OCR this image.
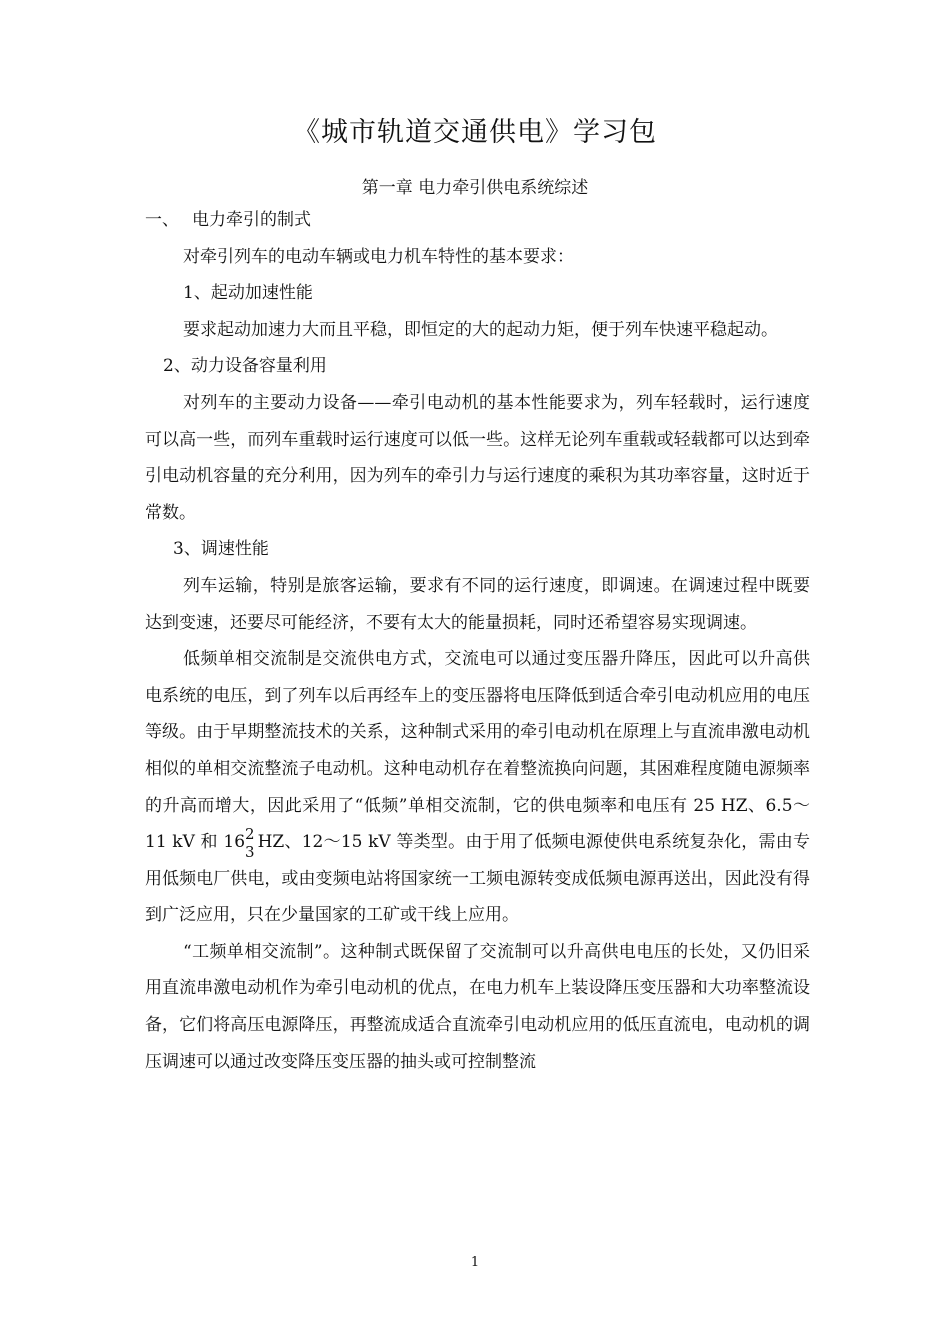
《城市轨道交通供电》学习包
第一章 电力牵引供电系统综述

一、 电力牵引的制式

对牵引列车的电动车辆或电力机车特性的基本要求：

1、起动加速性能

要求起动加速力大而且平稳，即恒定的大的起动力矩，便于列车快速平稳起动。

2、动力设备容量利用

对列车的主要动力设备——牵引电动机的基本性能要求为，列车轻载时，运行速度可以高一些，而列车重载时运行速度可以低一些。这样无论列车重载或轻载都可以达到牵引电动机容量的充分利用，因为列车的牵引力与运行速度的乘积为其功率容量，这时近于常数。

3、调速性能

列车运输，特别是旅客运输，要求有不同的运行速度，即调速。在调速过程中既要达到变速，还要尽可能经济，不要有太大的能量损耗，同时还希望容易实现调速。

低频单相交流制是交流供电方式，交流电可以通过变压器升降压，因此可以升高供电系统的电压，到了列车以后再经车上的变压器将电压降低到适合牵引电动机应用的电压等级。由于早期整流技术的关系，这种制式采用的牵引电动机在原理上与直流串激电动机相似的单相交流整流子电动机。这种电动机存在着整流换向问题，其困难程度随电源频率的升高而增大，因此采用了“低频”单相交流制，它的供电频率和电压有 25 HZ、6.5～11 kV 和 16 2
3 HZ、12～15 kV 等类型。由于用了低频电源使供电系统复杂化，需由专用低频电厂供电，或由变频电站将国家统一工频电源转变成低频电源再送出，因此没有得到广泛应用，只在少量国家的工矿或干线上应用。

“工频单相交流制”。这种制式既保留了交流制可以升高供电电压的长处，又仍旧采用直流串激电动机作为牵引电动机的优点，在电力机车上装设降压变压器和大功率整流设备，它们将高压电源降压，再整流成适合直流牵引电动机应用的低压直流电，电动机的调压调速可以通过改变降压变压器的抽头或可控制整流

1
